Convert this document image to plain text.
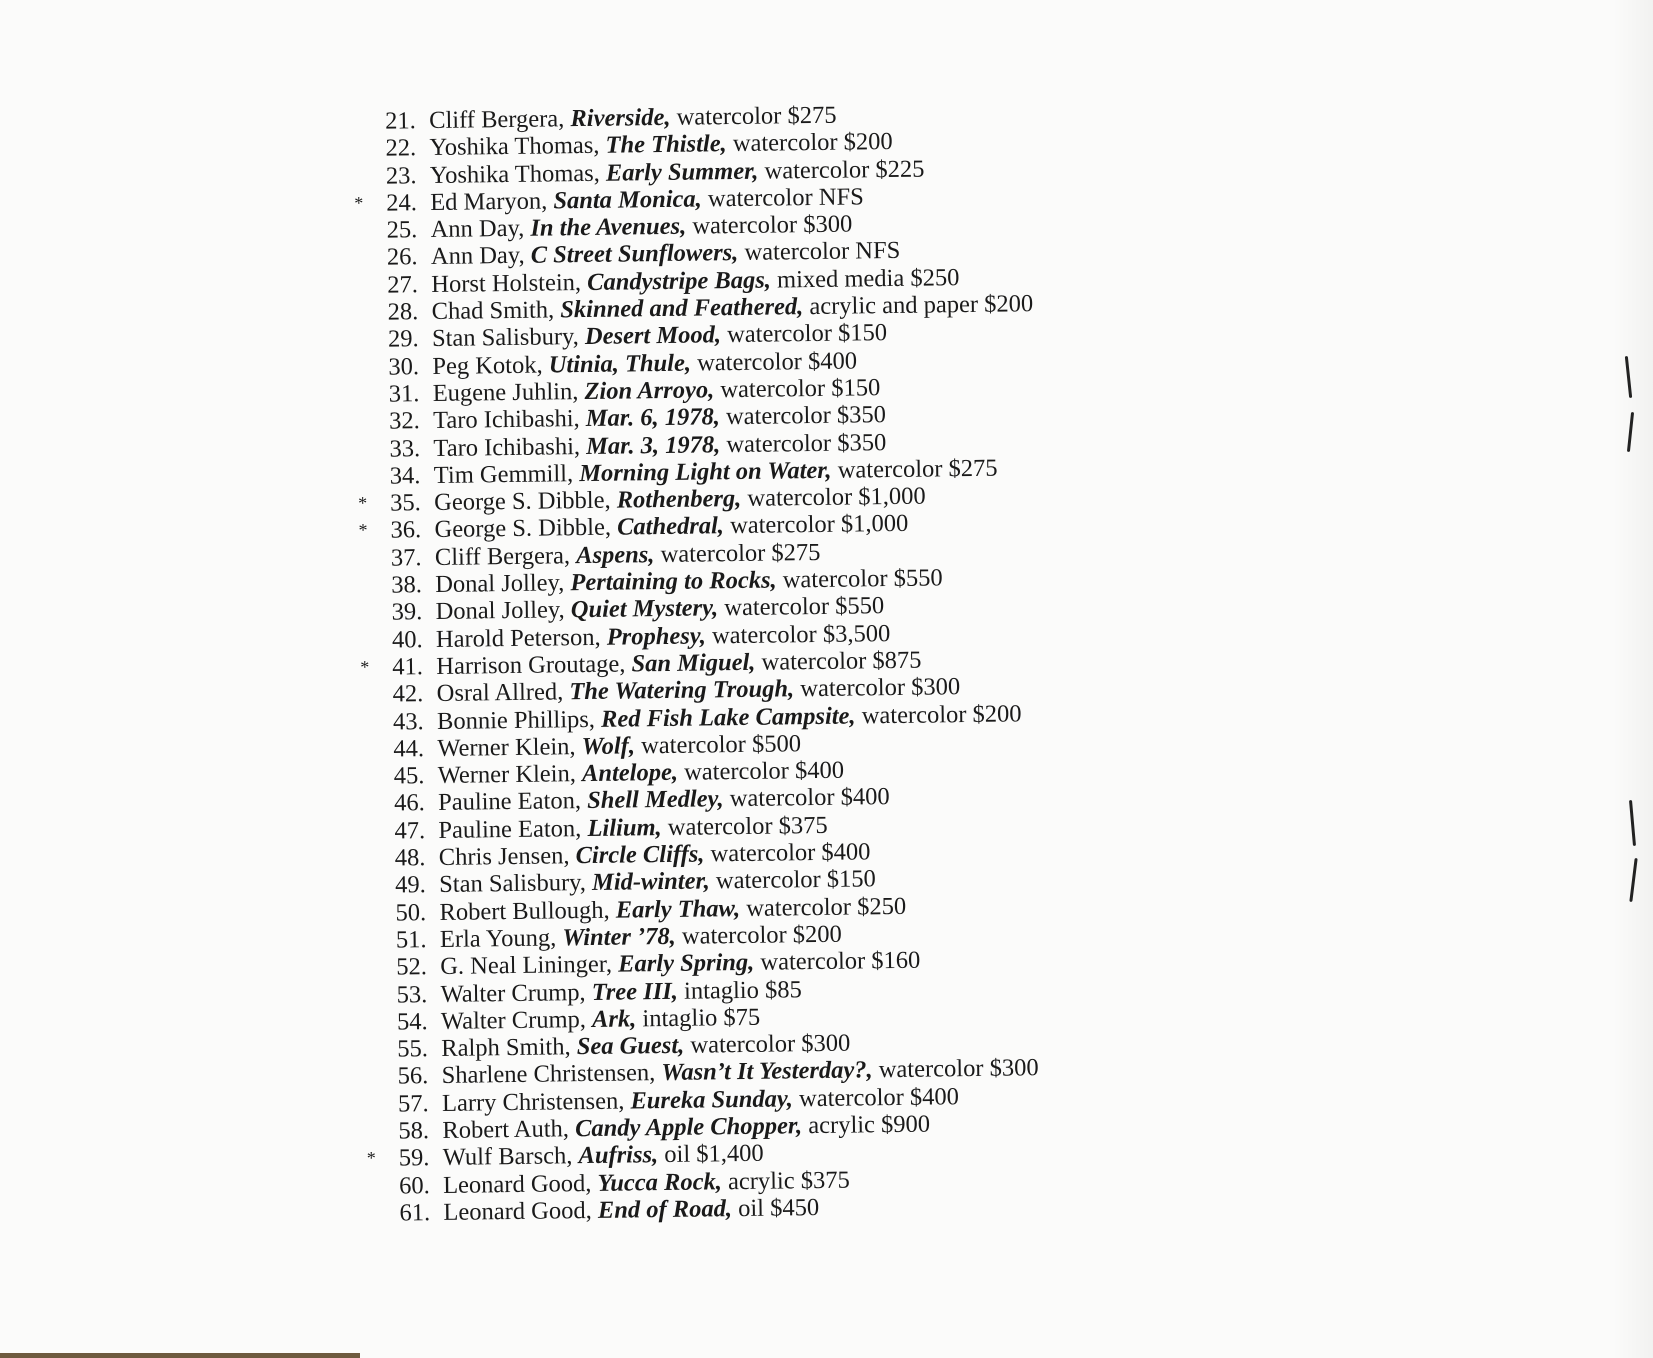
21. Cliff Bergera, Riverside, watercolor $275
22. Yoshika Thomas, The Thistle, watercolor $200
23. Yoshika Thomas, Early Summer, watercolor $225
* 24. Ed Maryon, Santa Monica, watercolor NFS
25. Ann Day, In the Avenues, watercolor $300
26. Ann Day, C Street Sunflowers, watercolor NFS
27. Horst Holstein, Candystripe Bags, mixed media $250
28. Chad Smith, Skinned and Feathered, acrylic and paper $200
29. Stan Salisbury, Desert Mood, watercolor $150
30. Peg Kotok, Utinia, Thule, watercolor $400
31. Eugene Juhlin, Zion Arroyo, watercolor $150
32. Taro Ichibashi, Mar. 6, 1978, watercolor $350
33. Taro Ichibashi, Mar. 3, 1978, watercolor $350
34. Tim Gemmill, Morning Light on Water, watercolor $275
* 35. George S. Dibble, Rothenberg, watercolor $1,000
* 36. George S. Dibble, Cathedral, watercolor $1,000
37. Cliff Bergera, Aspens, watercolor $275
38. Donal Jolley, Pertaining to Rocks, watercolor $550
39. Donal Jolley, Quiet Mystery, watercolor $550
40. Harold Peterson, Prophesy, watercolor $3,500
* 41. Harrison Groutage, San Miguel, watercolor $875
42. Osral Allred, The Watering Trough, watercolor $300
43. Bonnie Phillips, Red Fish Lake Campsite, watercolor $200
44. Werner Klein, Wolf, watercolor $500
45. Werner Klein, Antelope, watercolor $400
46. Pauline Eaton, Shell Medley, watercolor $400
47. Pauline Eaton, Lilium, watercolor $375
48. Chris Jensen, Circle Cliffs, watercolor $400
49. Stan Salisbury, Mid-winter, watercolor $150
50. Robert Bullough, Early Thaw, watercolor $250
51. Erla Young, Winter ’78, watercolor $200
52. G. Neal Lininger, Early Spring, watercolor $160
53. Walter Crump, Tree III, intaglio $85
54. Walter Crump, Ark, intaglio $75
55. Ralph Smith, Sea Guest, watercolor $300
56. Sharlene Christensen, Wasn’t It Yesterday?, watercolor $300
57. Larry Christensen, Eureka Sunday, watercolor $400
58. Robert Auth, Candy Apple Chopper, acrylic $900
* 59. Wulf Barsch, Aufriss, oil $1,400
60. Leonard Good, Yucca Rock, acrylic $375
61. Leonard Good, End of Road, oil $450
